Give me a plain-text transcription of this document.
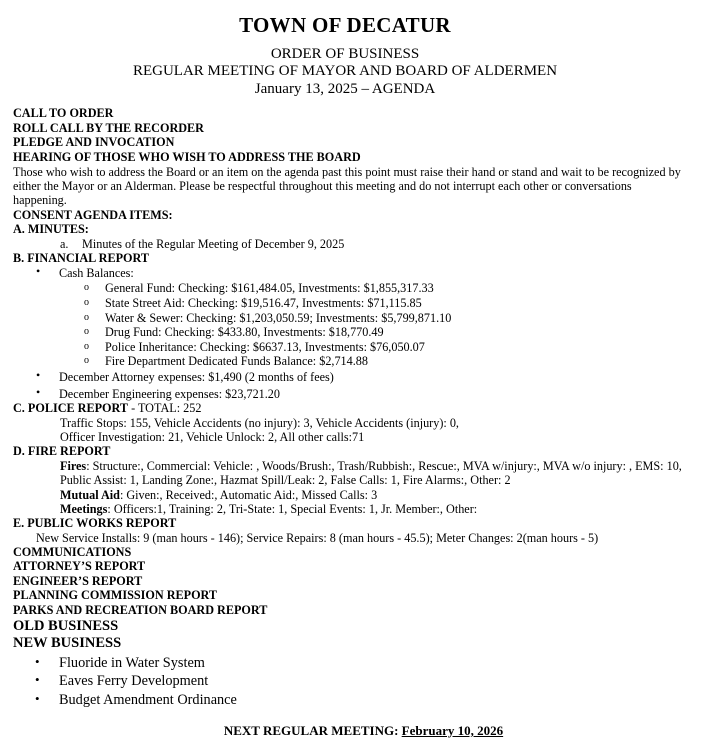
TOWN OF DECATUR
ORDER OF BUSINESS
REGULAR MEETING OF MAYOR AND BOARD OF ALDERMEN
January 13, 2025 – AGENDA
CALL TO ORDER
ROLL CALL BY THE RECORDER
PLEDGE AND INVOCATION
HEARING OF THOSE WHO WISH TO ADDRESS THE BOARD
Those who wish to address the Board or an item on the agenda past this point must raise their hand or stand and wait to be recognized by
either the Mayor or an Alderman. Please be respectful throughout this meeting and do not interrupt each other or conversations
happening.
CONSENT AGENDA ITEMS:
A. MINUTES:
a. Minutes of the Regular Meeting of December 9, 2025
B. FINANCIAL REPORT
• Cash Balances:
o General Fund: Checking: $161,484.05, Investments: $1,855,317.33
o State Street Aid: Checking: $19,516.47, Investments: $71,115.85
o Water & Sewer: Checking: $1,203,050.59; Investments: $5,799,871.10
o Drug Fund: Checking: $433.80, Investments: $18,770.49
o Police Inheritance: Checking: $6637.13, Investments: $76,050.07
o Fire Department Dedicated Funds Balance: $2,714.88
• December Attorney expenses: $1,490 (2 months of fees)
• December Engineering expenses: $23,721.20
C. POLICE REPORT - TOTAL: 252
Traffic Stops: 155, Vehicle Accidents (no injury): 3, Vehicle Accidents (injury): 0,
Officer Investigation: 21, Vehicle Unlock: 2, All other calls:71
D. FIRE REPORT
Fires: Structure:, Commercial: Vehicle: , Woods/Brush:, Trash/Rubbish:, Rescue:, MVA w/injury:, MVA w/o injury: , EMS: 10,
Public Assist: 1, Landing Zone:, Hazmat Spill/Leak: 2, False Calls: 1, Fire Alarms:, Other: 2
Mutual Aid: Given:, Received:, Automatic Aid:, Missed Calls: 3
Meetings: Officers:1, Training: 2, Tri-State: 1, Special Events: 1, Jr. Member:, Other:
E. PUBLIC WORKS REPORT
New Service Installs: 9 (man hours - 146); Service Repairs: 8 (man hours - 45.5); Meter Changes: 2(man hours - 5)
COMMUNICATIONS
ATTORNEY’S REPORT
ENGINEER’S REPORT
PLANNING COMMISSION REPORT
PARKS AND RECREATION BOARD REPORT
OLD BUSINESS
NEW BUSINESS
• Fluoride in Water System
• Eaves Ferry Development
• Budget Amendment Ordinance
NEXT REGULAR MEETING: February 10, 2026
